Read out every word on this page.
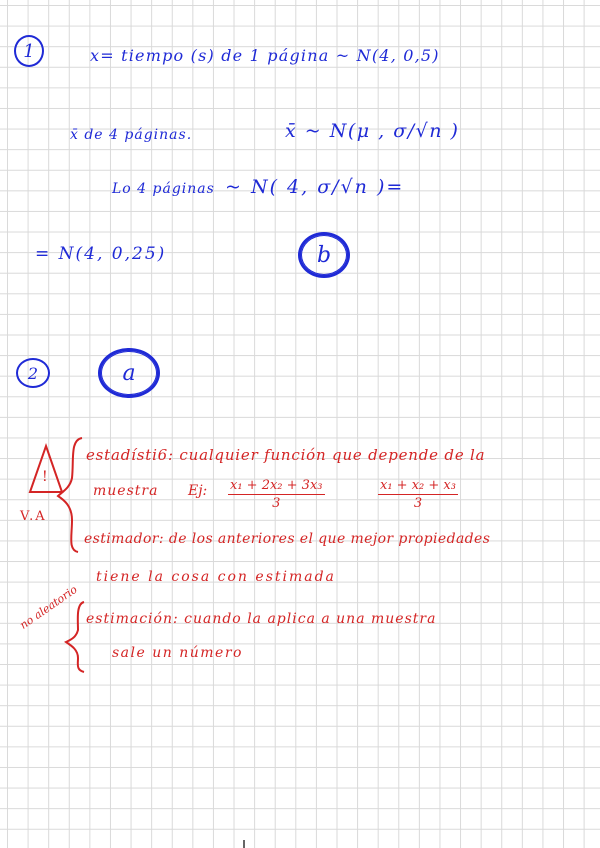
1	x= tiempo (s) de 1 página ~ N(4, 0,5)
x̄ de 4 páginas.	x̄ ~ N(μ , σ/√n )
Lo 4 páginas ~ N( 4, σ/√n )=
= N(4, 0,25)	b
2	a
!
V.A
no aleatorio
estadísti6: cualquier función que depende de la
muestra Ej: $\frac{\text{x₁ + 2x₂ + 3x₃}}{3}$	$\frac{\text{x₁ + x₂ + x₃}}{3}$
estimador: de los anteriores el que mejor propiedades
tiene la cosa con estimada
estimación: cuando la aplica a una muestra
sale un número
